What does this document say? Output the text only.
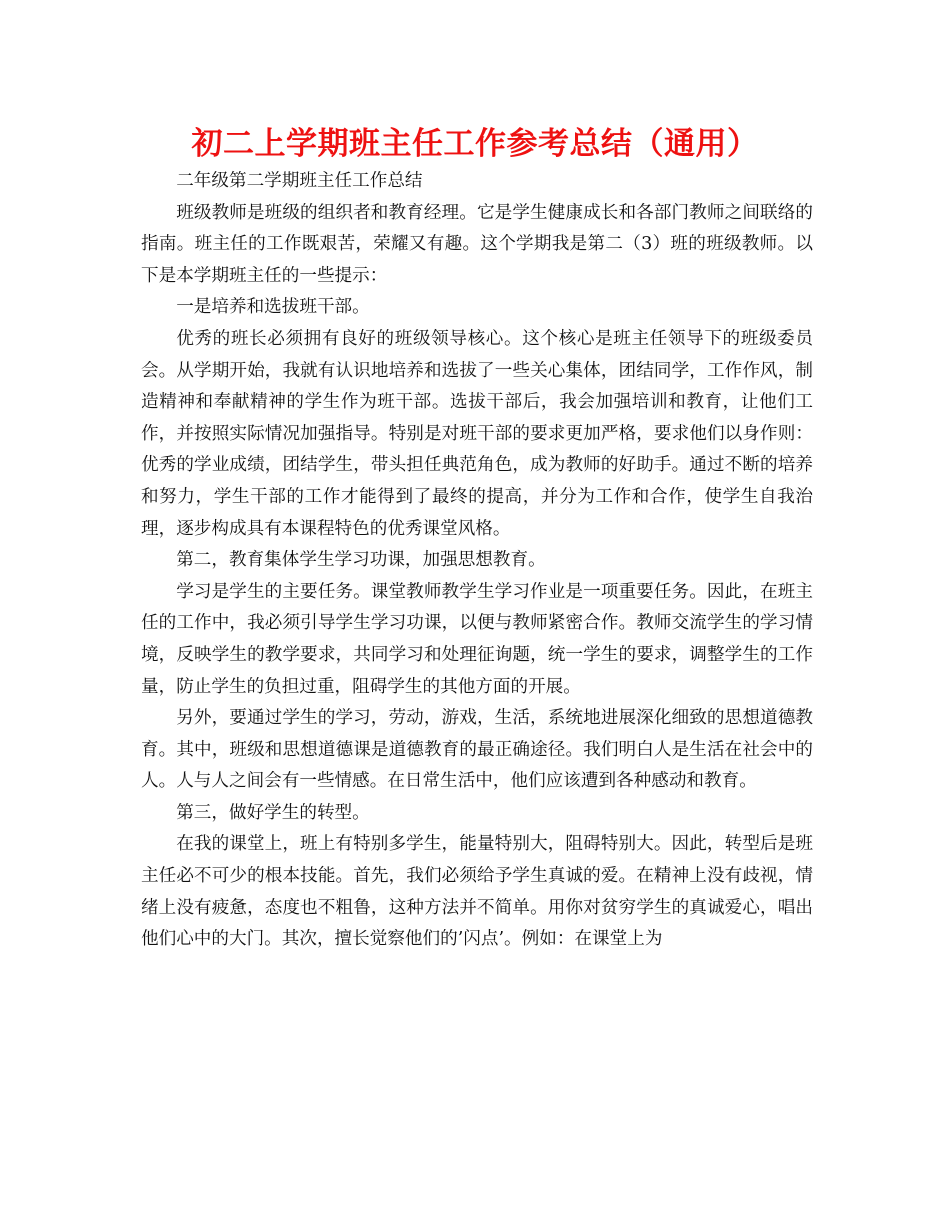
初二上学期班主任工作参考总结（通用）

二年级第二学期班主任工作总结

班级教师是班级的组织者和教育经理。它是学生健康成长和各部门教师之间联络的指南。班主任的工作既艰苦，荣耀又有趣。这个学期我是第二（3）班的班级教师。以下是本学期班主任的一些提示：

一是培养和选拔班干部。

优秀的班长必须拥有良好的班级领导核心。这个核心是班主任领导下的班级委员会。从学期开始，我就有认识地培养和选拔了一些关心集体，团结同学，工作作风，制造精神和奉献精神的学生作为班干部。选拔干部后，我会加强培训和教育，让他们工作，并按照实际情况加强指导。特别是对班干部的要求更加严格，要求他们以身作则：优秀的学业成绩，团结学生，带头担任典范角色，成为教师的好助手。通过不断的培养和努力，学生干部的工作才能得到了最终的提高，并分为工作和合作，使学生自我治理，逐步构成具有本课程特色的优秀课堂风格。

第二，教育集体学生学习功课，加强思想教育。

学习是学生的主要任务。课堂教师教学生学习作业是一项重要任务。因此，在班主任的工作中，我必须引导学生学习功课，以便与教师紧密合作。教师交流学生的学习情境，反映学生的教学要求，共同学习和处理征询题，统一学生的要求，调整学生的工作量，防止学生的负担过重，阻碍学生的其他方面的开展。

另外，要通过学生的学习，劳动，游戏，生活，系统地进展深化细致的思想道德教育。其中，班级和思想道德课是道德教育的最正确途径。我们明白人是生活在社会中的人。人与人之间会有一些情感。在日常生活中，他们应该遭到各种感动和教育。

第三，做好学生的转型。

在我的课堂上，班上有特别多学生，能量特别大，阻碍特别大。因此，转型后是班主任必不可少的根本技能。首先，我们必须给予学生真诚的爱。在精神上没有歧视，情绪上没有疲惫，态度也不粗鲁，这种方法并不简单。用你对贫穷学生的真诚爱心，唱出他们心中的大门。其次，擅长觉察他们的’闪点’。例如：在课堂上为
